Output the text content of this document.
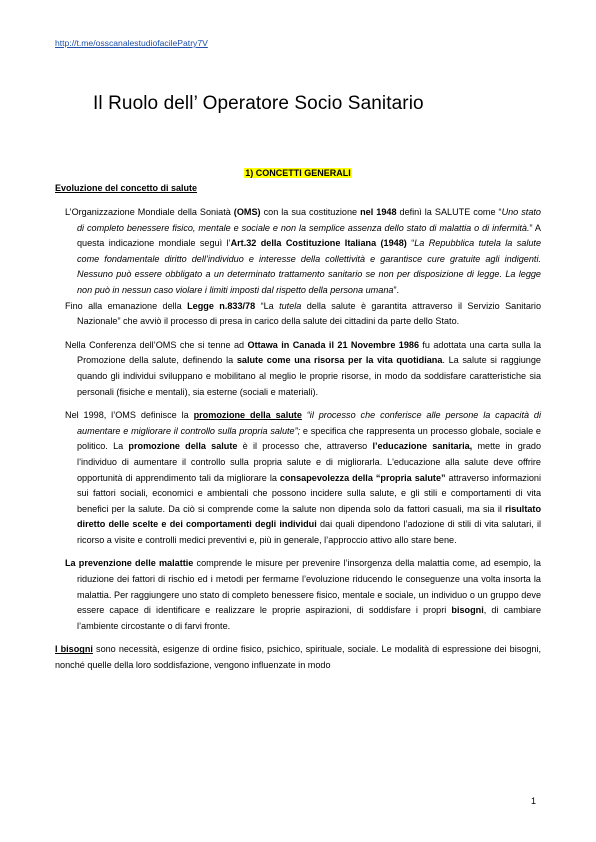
http://t.me/osscanalestudiofacilePatry7V
Il Ruolo dell’ Operatore Socio Sanitario
1) CONCETTI GENERALI
Evoluzione del concetto di salute

L’Organizzazione Mondiale della Soniatà (OMS) con la sua costituzione nel 1948 definì la SALUTE come “Uno stato di completo benessere fisico, mentale e sociale e non la semplice assenza dello stato di malattia o di infermità.” A questa indicazione mondiale seguì l’Art.32 della Costituzione Italiana (1948) “La Repubblica tutela la salute come fondamentale diritto dell’individuo e interesse della collettività e garantisce cure gratuite agli indigenti. Nessuno può essere obbligato a un determinato trattamento sanitario se non per disposizione di legge. La legge non può in nessun caso violare i limiti imposti dal rispetto della persona umana”.

Fino alla emanazione della Legge n.833/78 “La tutela della salute è garantita attraverso il Servizio Sanitario Nazionale” che avviò il processo di presa in carico della salute dei cittadini da parte dello Stato.

Nella Conferenza dell’OMS che si tenne ad Ottawa in Canada il 21 Novembre 1986 fu adottata una carta sulla la Promozione della salute, definendo la salute come una risorsa per la vita quotidiana. La salute si raggiunge quando gli individui sviluppano e mobilitano al meglio le proprie risorse, in modo da soddisfare caratteristiche sia personali (fisiche e mentali), sia esterne (sociali e materiali).

Nel 1998, l’OMS definisce la promozione della salute “il processo che conferisce alle persone la capacità di aumentare e migliorare il controllo sulla propria salute”; e specifica che rappresenta un processo globale, sociale e politico. La promozione della salute è il processo che, attraverso l’educazione sanitaria, mette in grado l’individuo di aumentare il controllo sulla propria salute e di migliorarla. L'educazione alla salute deve offrire opportunità di apprendimento tali da migliorare la consapevolezza della “propria salute” attraverso informazioni sui fattori sociali, economici e ambientali che possono incidere sulla salute, e gli stili e comportamenti di vita benefici per la salute. Da ciò si comprende come la salute non dipenda solo da fattori casuali, ma sia il risultato diretto delle scelte e dei comportamenti degli individui dai quali dipendono l’adozione di stili di vita salutari, il ricorso a visite e controlli medici preventivi e, più in generale, l’approccio attivo allo stare bene.

La prevenzione delle malattie comprende le misure per prevenire l’insorgenza della malattia come, ad esempio, la riduzione dei fattori di rischio ed i metodi per fermarne l’evoluzione riducendo le conseguenze una volta insorta la malattia. Per raggiungere uno stato di completo benessere fisico, mentale e sociale, un individuo o un gruppo deve essere capace di identificare e realizzare le proprie aspirazioni, di soddisfare i propri bisogni, di cambiare l’ambiente circostante o di farvi fronte.

I bisogni sono necessità, esigenze di ordine fisico, psichico, spirituale, sociale. Le modalità di espressione dei bisogni, nonché quelle della loro soddisfazione, vengono influenzate in modo

1
